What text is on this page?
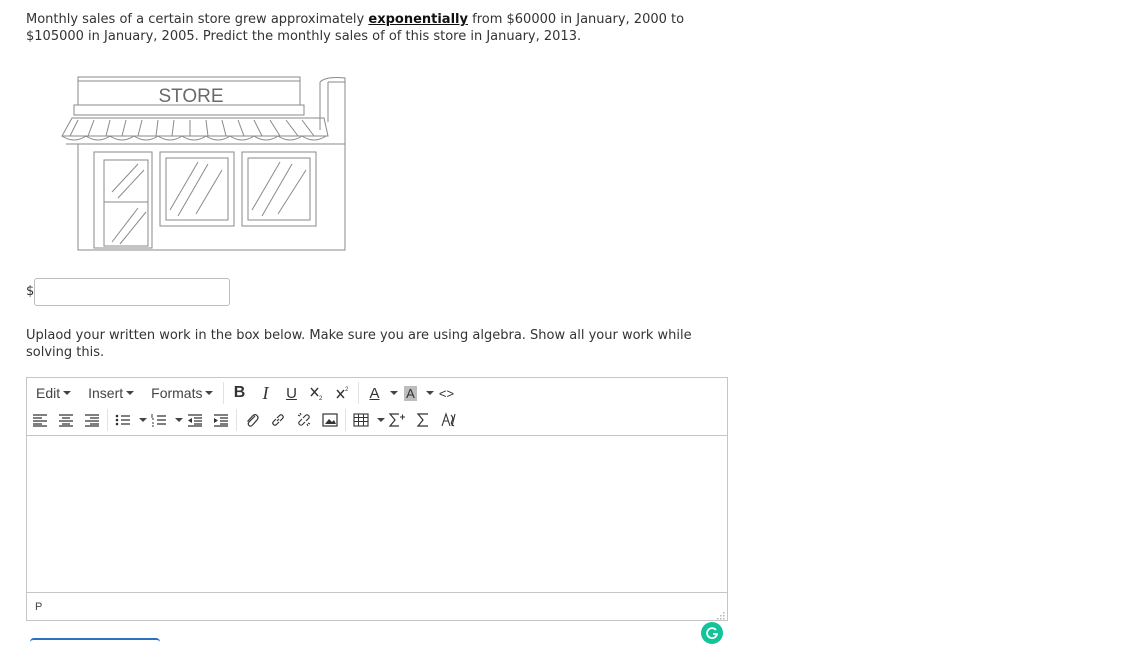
Monthly sales of a certain store grew approximately exponentially from $60000 in January, 2000 to $105000 in January, 2005. Predict the monthly sales of of this store in January, 2013.
STORE
$
Uplaod your written work in the box below. Make sure you are using algebra. Show all your work while solving this.
Edit Insert Formats B I U	2
2 A A <>
P
